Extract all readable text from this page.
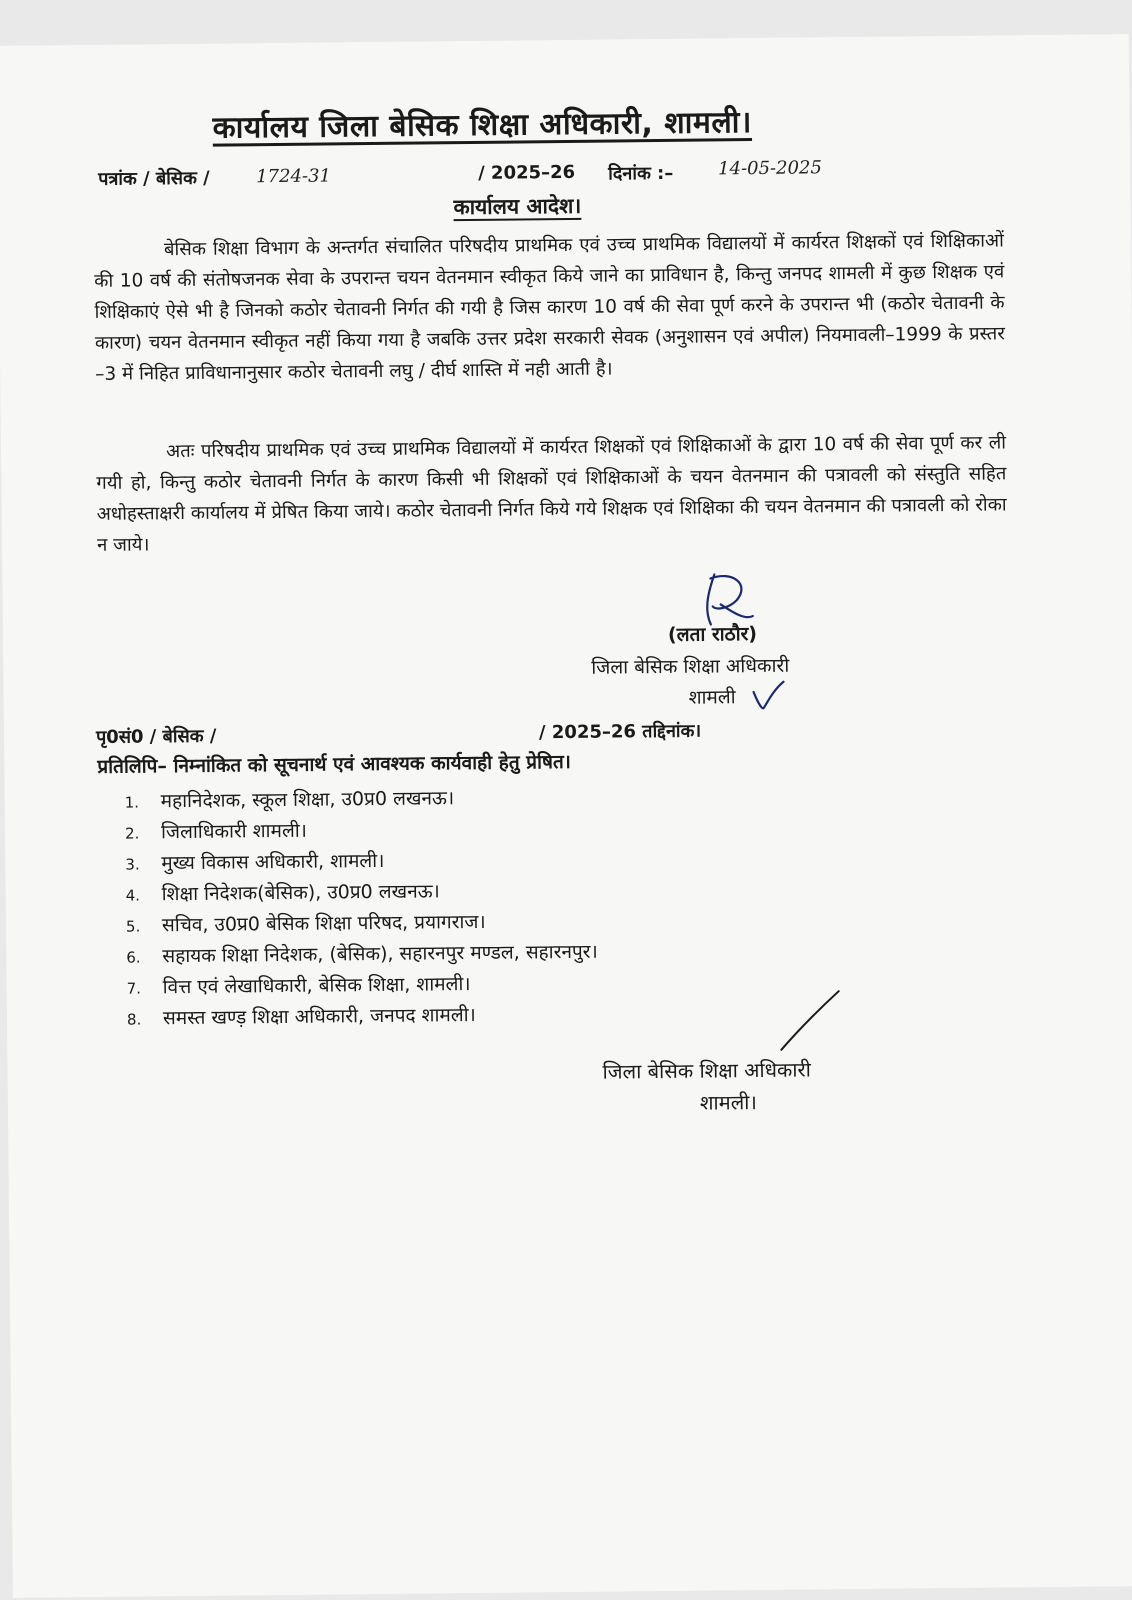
कार्यालय जिला बेसिक शिक्षा अधिकारी, शामली।
पत्रांक / बेसिक /	1724-31	/ 2025–26 दिनांक :– 14-05-2025
कार्यालय आदेश।
बेसिक शिक्षा विभाग के अन्तर्गत संचालित परिषदीय प्राथमिक एवं उच्च प्राथमिक विद्यालयों में कार्यरत शिक्षकों एवं शिक्षिकाओं की 10 वर्ष की संतोषजनक सेवा के उपरान्त चयन वेतनमान स्वीकृत किये जाने का प्राविधान है, किन्तु जनपद शामली में कुछ शिक्षक एवं शिक्षिकाएं ऐसे भी है जिनको कठोर चेतावनी निर्गत की गयी है जिस कारण 10 वर्ष की सेवा पूर्ण करने के उपरान्त भी (कठोर चेतावनी के कारण) चयन वेतनमान स्वीकृत नहीं किया गया है जबकि उत्तर प्रदेश सरकारी सेवक (अनुशासन एवं अपील) नियमावली–1999 के प्रस्तर –3 में निहित प्राविधानानुसार कठोर चेतावनी लघु / दीर्घ शास्ति में नही आती है।
अतः परिषदीय प्राथमिक एवं उच्च प्राथमिक विद्यालयों में कार्यरत शिक्षकों एवं शिक्षिकाओं के द्वारा 10 वर्ष की सेवा पूर्ण कर ली गयी हो, किन्तु कठोर चेतावनी निर्गत के कारण किसी भी शिक्षकों एवं शिक्षिकाओं के चयन वेतनमान की पत्रावली को संस्तुति सहित अधोहस्ताक्षरी कार्यालय में प्रेषित किया जाये। कठोर चेतावनी निर्गत किये गये शिक्षक एवं शिक्षिका की चयन वेतनमान की पत्रावली को रोका न जाये।
(लता राठौर)
जिला बेसिक शिक्षा अधिकारी
शामली
पृ0सं0 / बेसिक /	/ 2025–26 तद्दिनांक।
प्रतिलिपि– निम्नांकित को सूचनार्थ एवं आवश्यक कार्यवाही हेतु प्रेषित।
1. महानिदेशक, स्कूल शिक्षा, उ0प्र0 लखनऊ।
2. जिलाधिकारी शामली।
3. मुख्य विकास अधिकारी, शामली।
4. शिक्षा निदेशक(बेसिक), उ0प्र0 लखनऊ।
5. सचिव, उ0प्र0 बेसिक शिक्षा परिषद, प्रयागराज।
6. सहायक शिक्षा निदेशक, (बेसिक), सहारनपुर मण्डल, सहारनपुर।
7. वित्त एवं लेखाधिकारी, बेसिक शिक्षा, शामली।
8. समस्त खण्ड़ शिक्षा अधिकारी, जनपद शामली।
जिला बेसिक शिक्षा अधिकारी
शामली।
